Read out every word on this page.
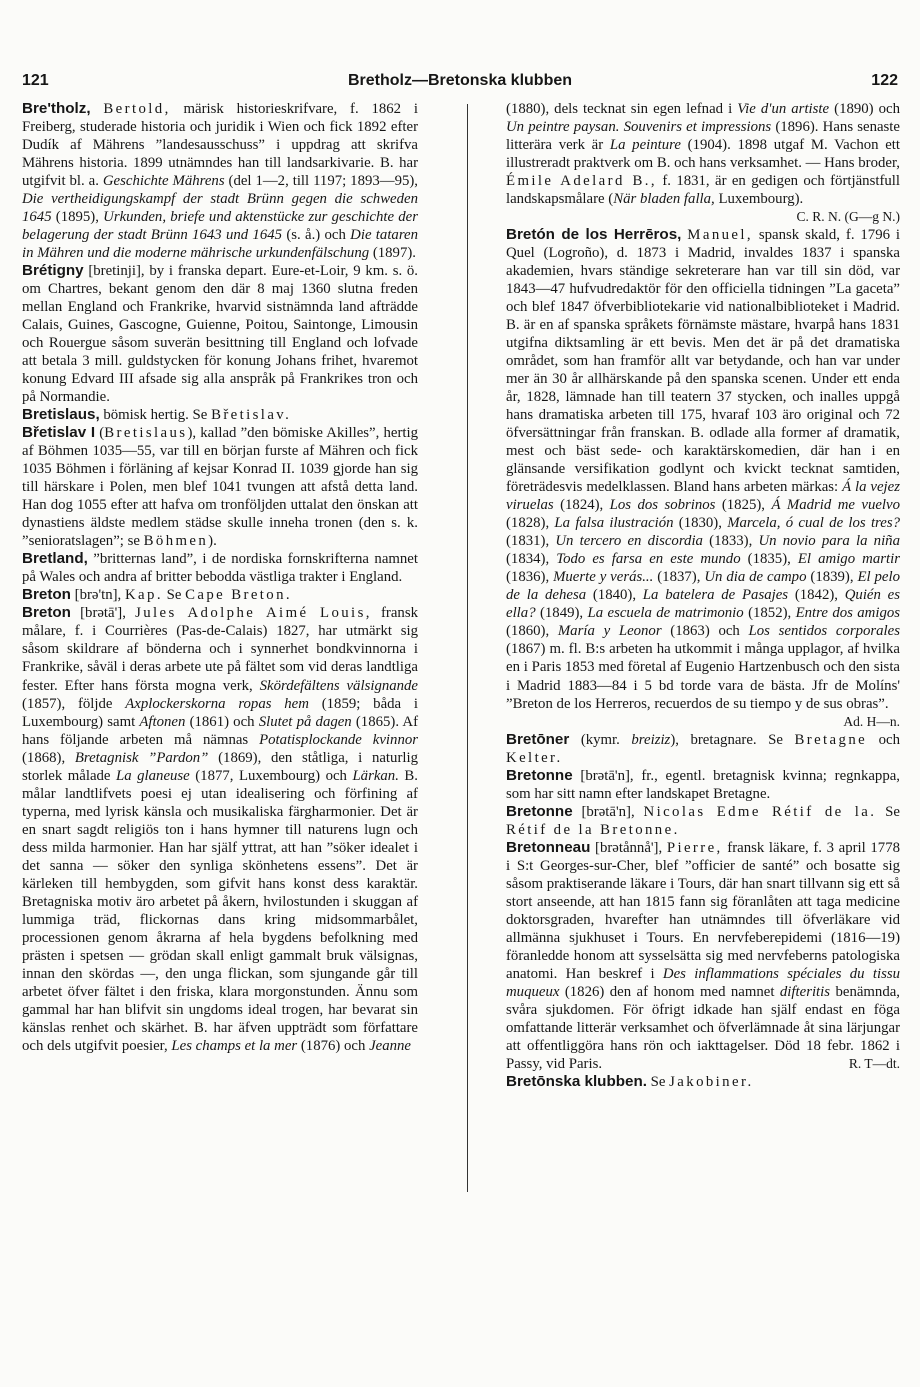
121	Bretholz—Bretonska klubben	122

Bre'tholz, Bertold, märisk historieskrifvare, f. 1862 i Freiberg, studerade historia och juridik i Wien och fick 1892 efter Dudík af Mährens ”landesausschuss” i uppdrag att skrifva Mährens historia. 1899 utnämndes han till landsarkivarie. B. har utgifvit bl. a. Geschichte Mährens (del 1—2, till 1197; 1893—95), Die vertheidigungskampf der stadt Brünn gegen die schweden 1645 (1895), Urkunden, briefe und aktenstücke zur geschichte der belagerung der stadt Brünn 1643 und 1645 (s. å.) och Die tataren in Mähren und die moderne mährische urkundenfälschung (1897).

Brétigny [bretinji], by i franska depart. Eure-et-Loir, 9 km. s. ö. om Chartres, bekant genom den där 8 maj 1360 slutna freden mellan England och Frankrike, hvarvid sistnämnda land afträdde Calais, Guines, Gascogne, Guienne, Poitou, Saintonge, Limousin och Rouergue såsom suverän besittning till England och lofvade att betala 3 mill. guldstycken för konung Johans frihet, hvaremot konung Edvard III afsade sig alla anspråk på Frankrikes tron och på Normandie.

Bretislaus, bömisk hertig. Se Břetislav.

Břetislav I (Bretislaus), kallad ”den bömiske Akilles”, hertig af Böhmen 1035—55, var till en början furste af Mähren och fick 1035 Böhmen i förläning af kejsar Konrad II. 1039 gjorde han sig till härskare i Polen, men blef 1041 tvungen att afstå detta land. Han dog 1055 efter att hafva om tronföljden uttalat den önskan att dynastiens äldste medlem städse skulle inneha tronen (den s. k. ”senioratslagen”; se Böhmen).

Bretland, ”britternas land”, i de nordiska fornskrifterna namnet på Wales och andra af britter bebodda västliga trakter i England.

Breton [brə'tn], Kap. Se Cape Breton.

Breton [brətā'], Jules Adolphe Aimé Louis, fransk målare, f. i Courrières (Pas-de-Calais) 1827, har utmärkt sig såsom skildrare af bönderna och i synnerhet bondkvinnorna i Frankrike, såväl i deras arbete ute på fältet som vid deras landtliga fester. Efter hans första mogna verk, Skördefältens välsignande (1857), följde Axplockerskorna ropas hem (1859; båda i Luxembourg) samt Aftonen (1861) och Slutet på dagen (1865). Af hans följande arbeten må nämnas Potatisplockande kvinnor (1868), Bretagnisk ”Pardon” (1869), den ståtliga, i naturlig storlek målade La glaneuse (1877, Luxembourg) och Lärkan. B. målar landtlifvets poesi ej utan idealisering och förfining af typerna, med lyrisk känsla och musikaliska färgharmonier. Det är en snart sagdt religiös ton i hans hymner till naturens lugn och dess milda harmonier. Han har själf yttrat, att han ”söker idealet i det sanna — söker den synliga skönhetens essens”. Det är kärleken till hembygden, som gifvit hans konst dess karaktär. Bretagniska motiv äro arbetet på åkern, hvilostunden i skuggan af lummiga träd, flickornas dans kring midsommarbålet, processionen genom åkrarna af hela bygdens befolkning med prästen i spetsen — grödan skall enligt gammalt bruk välsignas, innan den skördas —, den unga flickan, som sjungande går till arbetet öfver fältet i den friska, klara morgonstunden. Ännu som gammal har han blifvit sin ungdoms ideal trogen, har bevarat sin känslas renhet och skärhet. B. har äfven uppträdt som författare och dels utgifvit poesier, Les champs et la mer (1876) och Jeanne

(1880), dels tecknat sin egen lefnad i Vie d'un artiste (1890) och Un peintre paysan. Souvenirs et impressions (1896). Hans senaste litterära verk är La peinture (1904). 1898 utgaf M. Vachon ett illustreradt praktverk om B. och hans verksamhet. — Hans broder, Émile Adelard B., f. 1831, är en gedigen och förtjänstfull landskapsmålare (När bladen falla, Luxembourg).
C. R. N. (G—g N.)

Bretón de los Herrēros, Manuel, spansk skald, f. 1796 i Quel (Logroño), d. 1873 i Madrid, invaldes 1837 i spanska akademien, hvars ständige sekreterare han var till sin död, var 1843—47 hufvudredaktör för den officiella tidningen ”La gaceta” och blef 1847 öfverbibliotekarie vid nationalbiblioteket i Madrid. B. är en af spanska språkets förnämste mästare, hvarpå hans 1831 utgifna diktsamling är ett bevis. Men det är på det dramatiska området, som han framför allt var betydande, och han var under mer än 30 år allhärskande på den spanska scenen. Under ett enda år, 1828, lämnade han till teatern 37 stycken, och inalles uppgå hans dramatiska arbeten till 175, hvaraf 103 äro original och 72 öfversättningar från franskan. B. odlade alla former af dramatik, mest och bäst sede- och karaktärskomedien, där han i en glänsande versifikation godlynt och kvickt tecknat samtiden, företrädesvis medelklassen. Bland hans arbeten märkas: Á la vejez viruelas (1824), Los dos sobrinos (1825), Á Madrid me vuelvo (1828), La falsa ilustración (1830), Marcela, ó cual de los tres? (1831), Un tercero en discordia (1833), Un novio para la niña (1834), Todo es farsa en este mundo (1835), El amigo martir (1836), Muerte y verás... (1837), Un dia de campo (1839), El pelo de la dehesa (1840), La batelera de Pasajes (1842), Quién es ella? (1849), La escuela de matrimonio (1852), Entre dos amigos (1860), María y Leonor (1863) och Los sentidos corporales (1867) m. fl. B:s arbeten ha utkommit i många upplagor, af hvilka en i Paris 1853 med företal af Eugenio Hartzenbusch och den sista i Madrid 1883—84 i 5 bd torde vara de bästa. Jfr de Molíns' ”Breton de los Herreros, recuerdos de su tiempo y de sus obras”.
Ad. H—n.

Bretōner (kymr. breiziz), bretagnare. Se Bretagne och Kelter.

Bretonne [brətā'n], fr., egentl. bretagnisk kvinna; regnkappa, som har sitt namn efter landskapet Bretagne.

Bretonne [brətā'n], Nicolas Edme Rétif de la. Se Rétif de la Bretonne.

Bretonneau [brətånnå'], Pierre, fransk läkare, f. 3 april 1778 i S:t Georges-sur-Cher, blef ”officier de santé” och bosatte sig såsom praktiserande läkare i Tours, där han snart tillvann sig ett så stort anseende, att han 1815 fann sig föranlåten att taga medicine doktorsgraden, hvarefter han utnämndes till öfverläkare vid allmänna sjukhuset i Tours. En nervfeberepidemi (1816—19) föranledde honom att sysselsätta sig med nervfeberns patologiska anatomi. Han beskref i Des inflammations spéciales du tissu muqueux (1826) den af honom med namnet difteritis benämnda, svåra sjukdomen. För öfrigt idkade han själf endast en föga omfattande litterär verksamhet och öfverlämnade åt sina lärjungar att offentliggöra hans rön och iakttagelser. Död 18 febr. 1862 i Passy, vid Paris.	R. T—dt.

Bretōnska klubben. Se Jakobiner.
